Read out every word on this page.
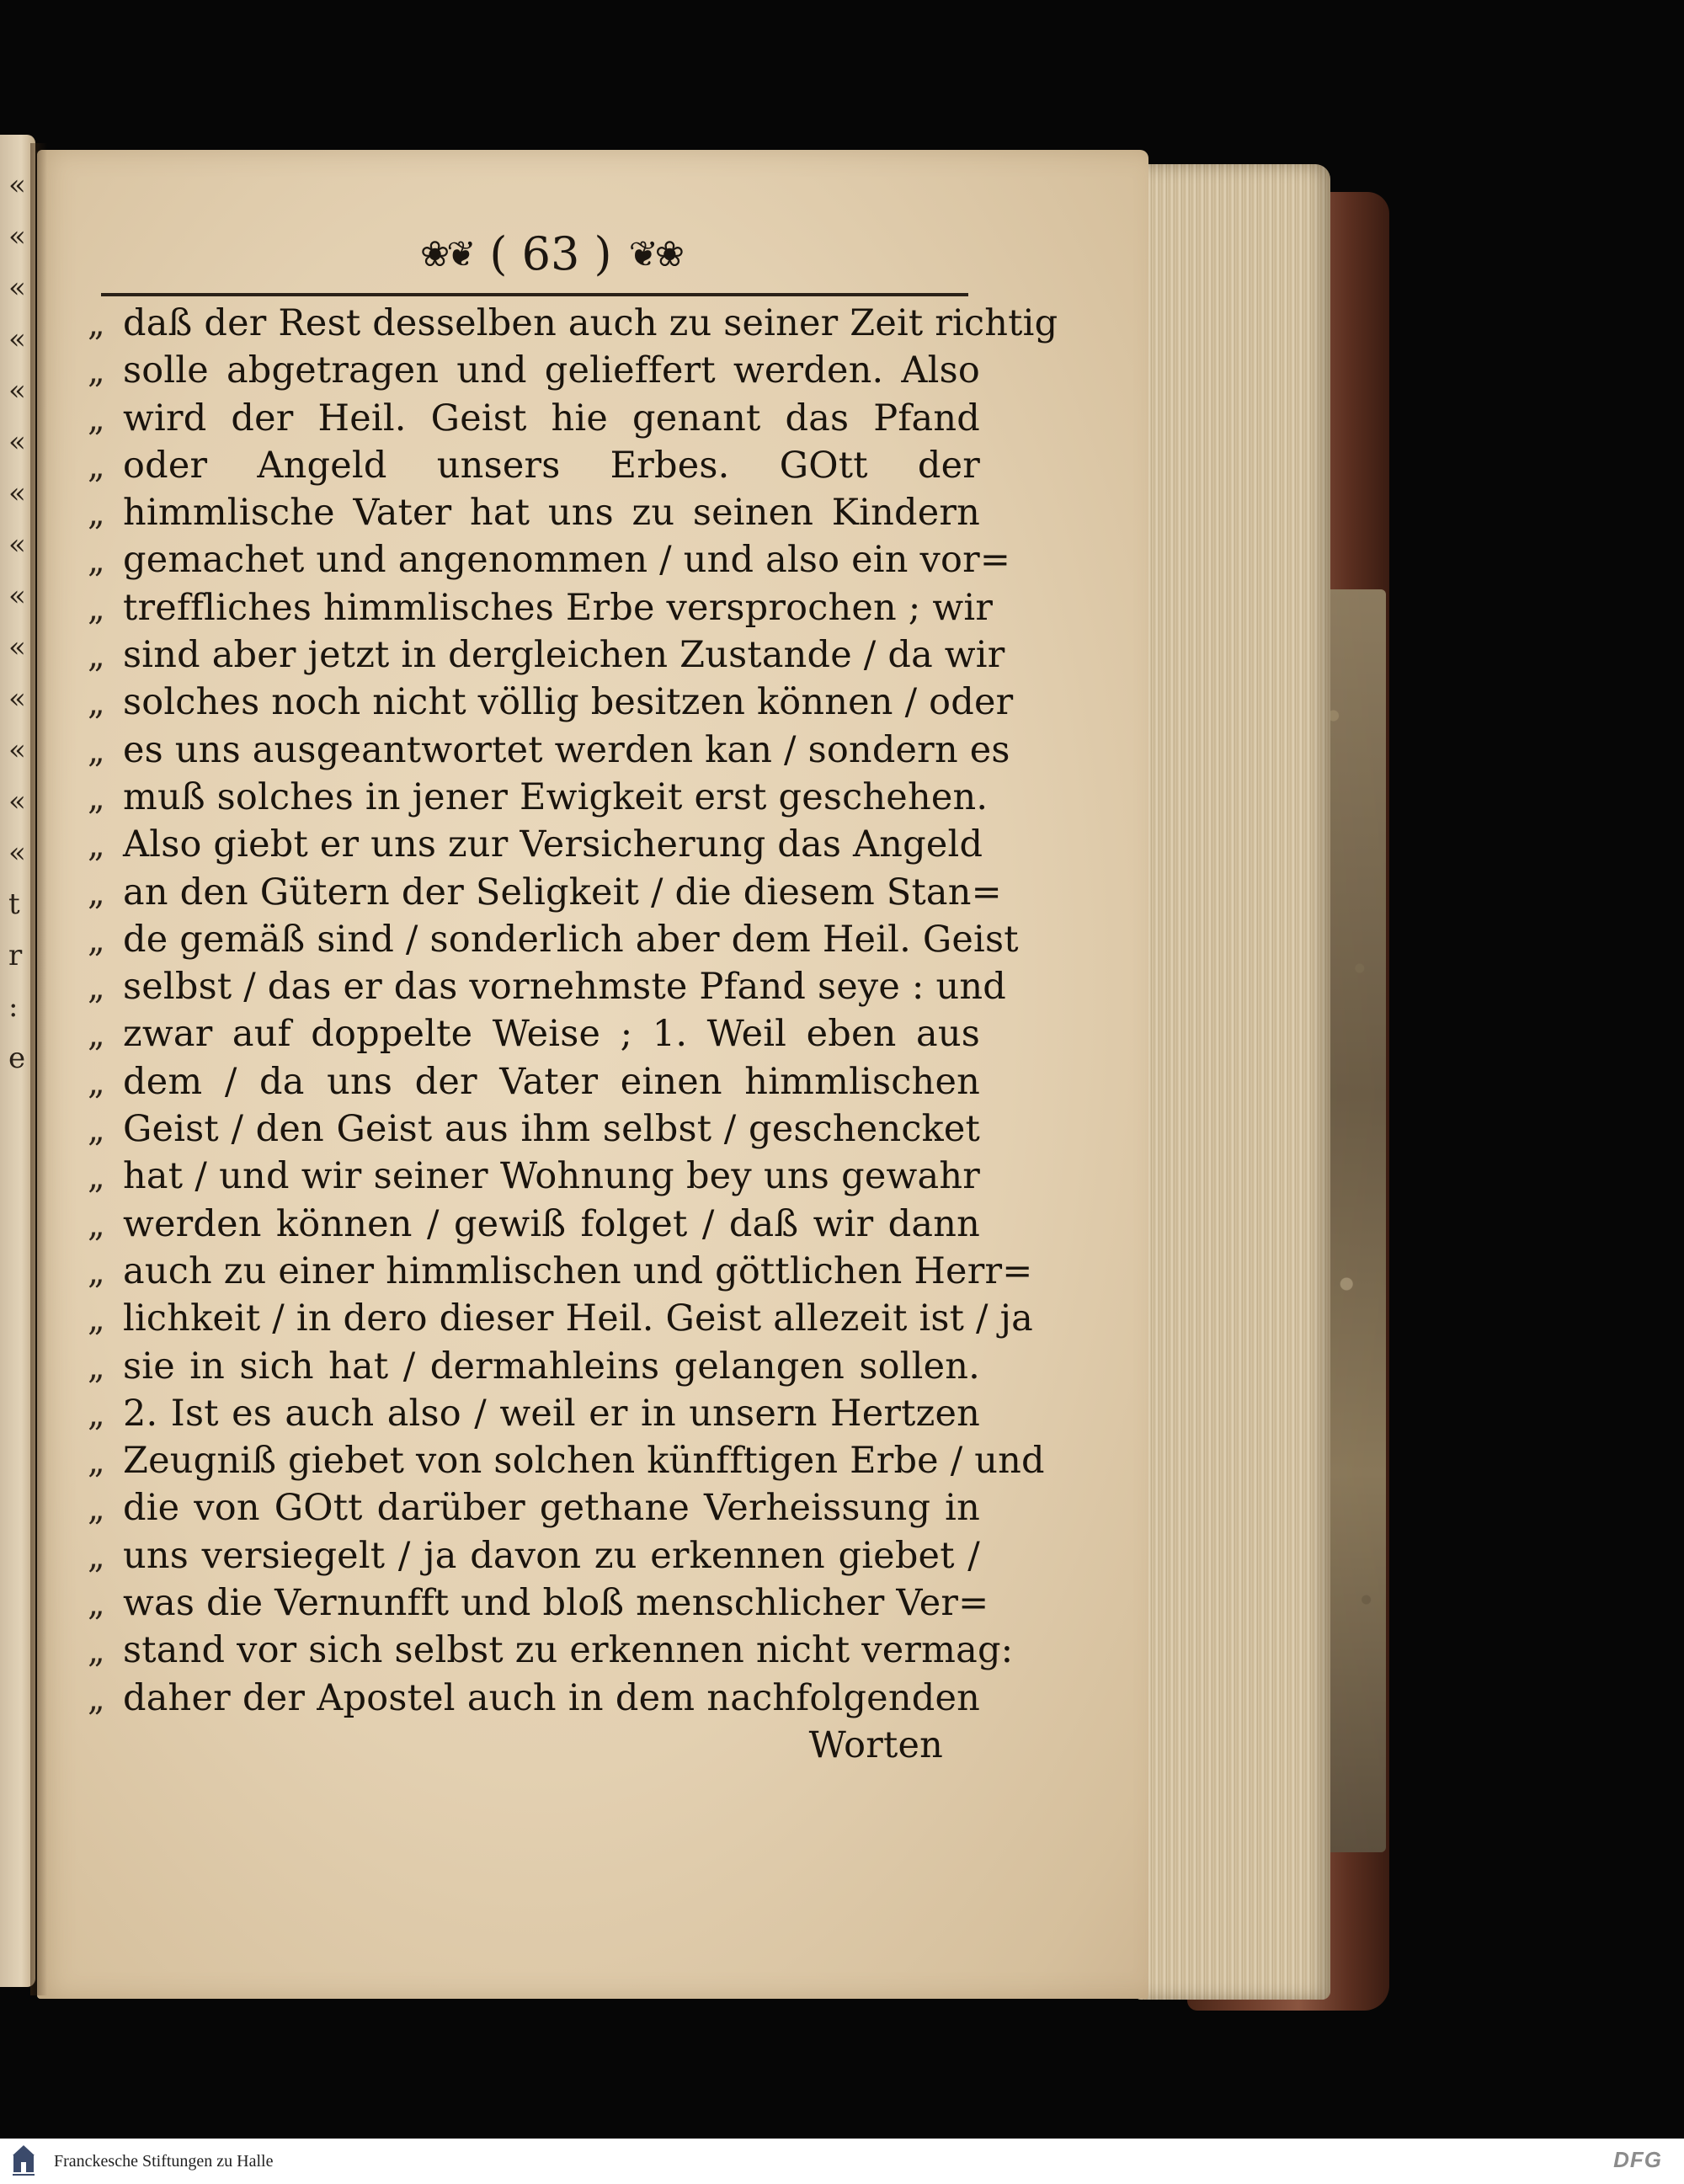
«
«
«
«
«
«
«
«
«
«
«
«
«
«
t
r
:
e
❀❦ ( 63 ) ❦❀
„ daß der Rest desselben auch zu seiner Zeit richtig
„ solle abgetragen und gelieffert werden. Also
„ wird der Heil. Geist hie genant das Pfand
„ oder Angeld unsers Erbes. GOtt der
„ himmlische Vater hat uns zu seinen Kindern
„ gemachet und angenommen / und also ein vor=
„ treffliches himmlisches Erbe versprochen ; wir
„ sind aber jetzt in dergleichen Zustande / da wir
„ solches noch nicht völlig besitzen können / oder
„ es uns ausgeantwortet werden kan / sondern es
„ muß solches in jener Ewigkeit erst geschehen.
„ Also giebt er uns zur Versicherung das Angeld
„ an den Gütern der Seligkeit / die diesem Stan=
„ de gemäß sind / sonderlich aber dem Heil. Geist
„ selbst / das er das vornehmste Pfand seye : und
„ zwar auf doppelte Weise ; 1. Weil eben aus
„ dem / da uns der Vater einen himmlischen
„ Geist / den Geist aus ihm selbst / geschencket
„ hat / und wir seiner Wohnung bey uns gewahr
„ werden können / gewiß folget / daß wir dann
„ auch zu einer himmlischen und göttlichen Herr=
„ lichkeit / in dero dieser Heil. Geist allezeit ist / ja
„ sie in sich hat / dermahleins gelangen sollen.
„ 2. Ist es auch also / weil er in unsern Hertzen
„ Zeugniß giebet von solchen künfftigen Erbe / und
„ die von GOtt darüber gethane Verheissung in
„ uns versiegelt / ja davon zu erkennen giebet /
„ was die Vernunfft und bloß menschlicher Ver=
„ stand vor sich selbst zu erkennen nicht vermag:
„ daher der Apostel auch in dem nachfolgenden
Worten
Franckesche Stiftungen zu Halle	DFG
